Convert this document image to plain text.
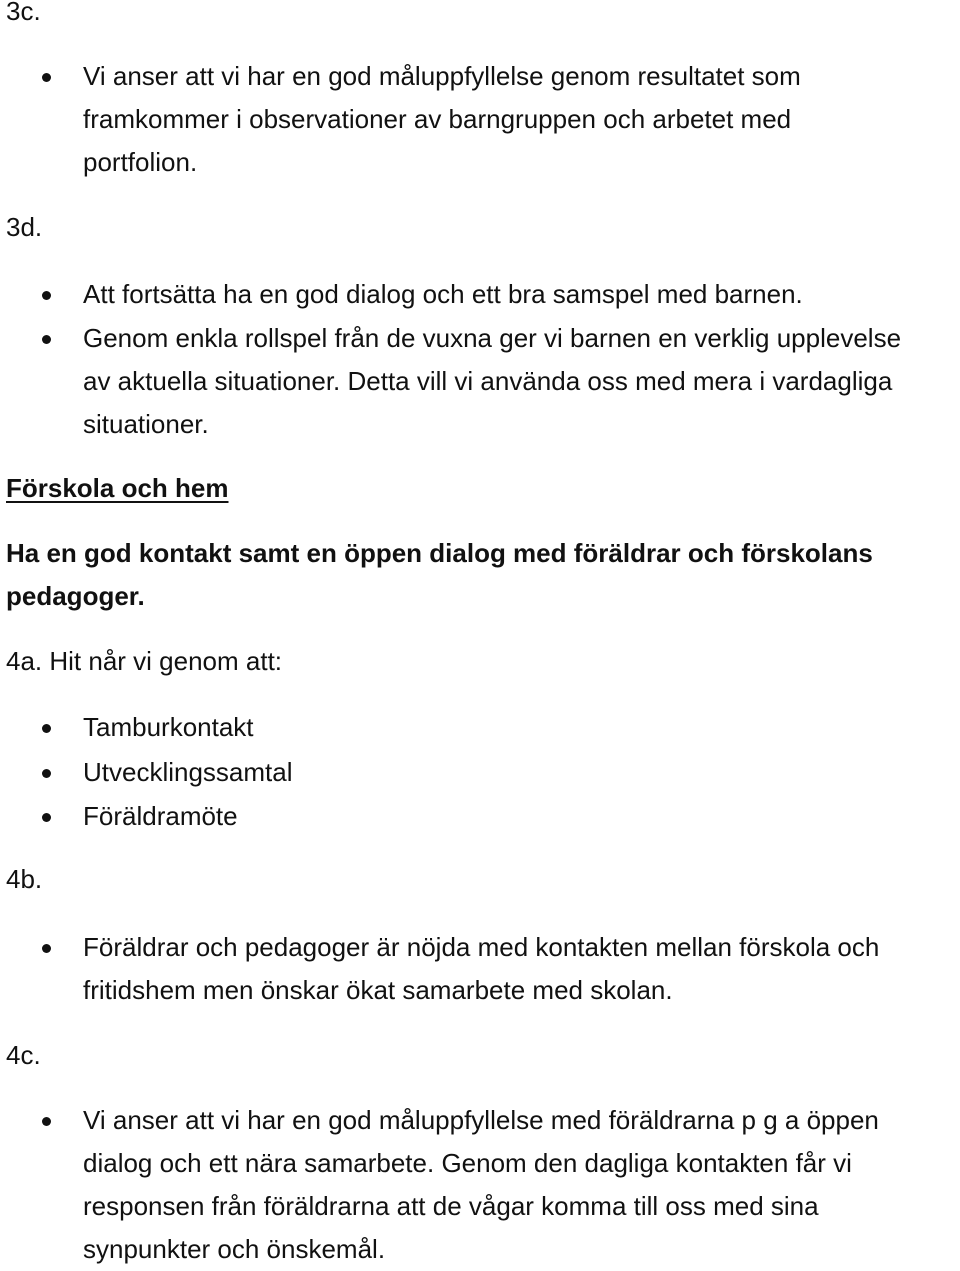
3c.
Vi anser att vi har en god måluppfyllelse genom resultatet som
framkommer i observationer av barngruppen och arbetet med
portfolion.
3d.
Att fortsätta ha en god dialog och ett bra samspel med barnen.
Genom enkla rollspel från de vuxna ger vi barnen en verklig upplevelse
av aktuella situationer. Detta vill vi använda oss med mera i vardagliga
situationer.
Förskola och hem
Ha en god kontakt samt en öppen dialog med föräldrar och förskolans
pedagoger.
4a. Hit når vi genom att:
Tamburkontakt
Utvecklingssamtal
Föräldramöte
4b.
Föräldrar och pedagoger är nöjda med kontakten mellan förskola och
fritidshem men önskar ökat samarbete med skolan.
4c.
Vi anser att vi har en god måluppfyllelse med föräldrarna p g a öppen
dialog och ett nära samarbete. Genom den dagliga kontakten får vi
responsen från föräldrarna att de vågar komma till oss med sina
synpunkter och önskemål.
